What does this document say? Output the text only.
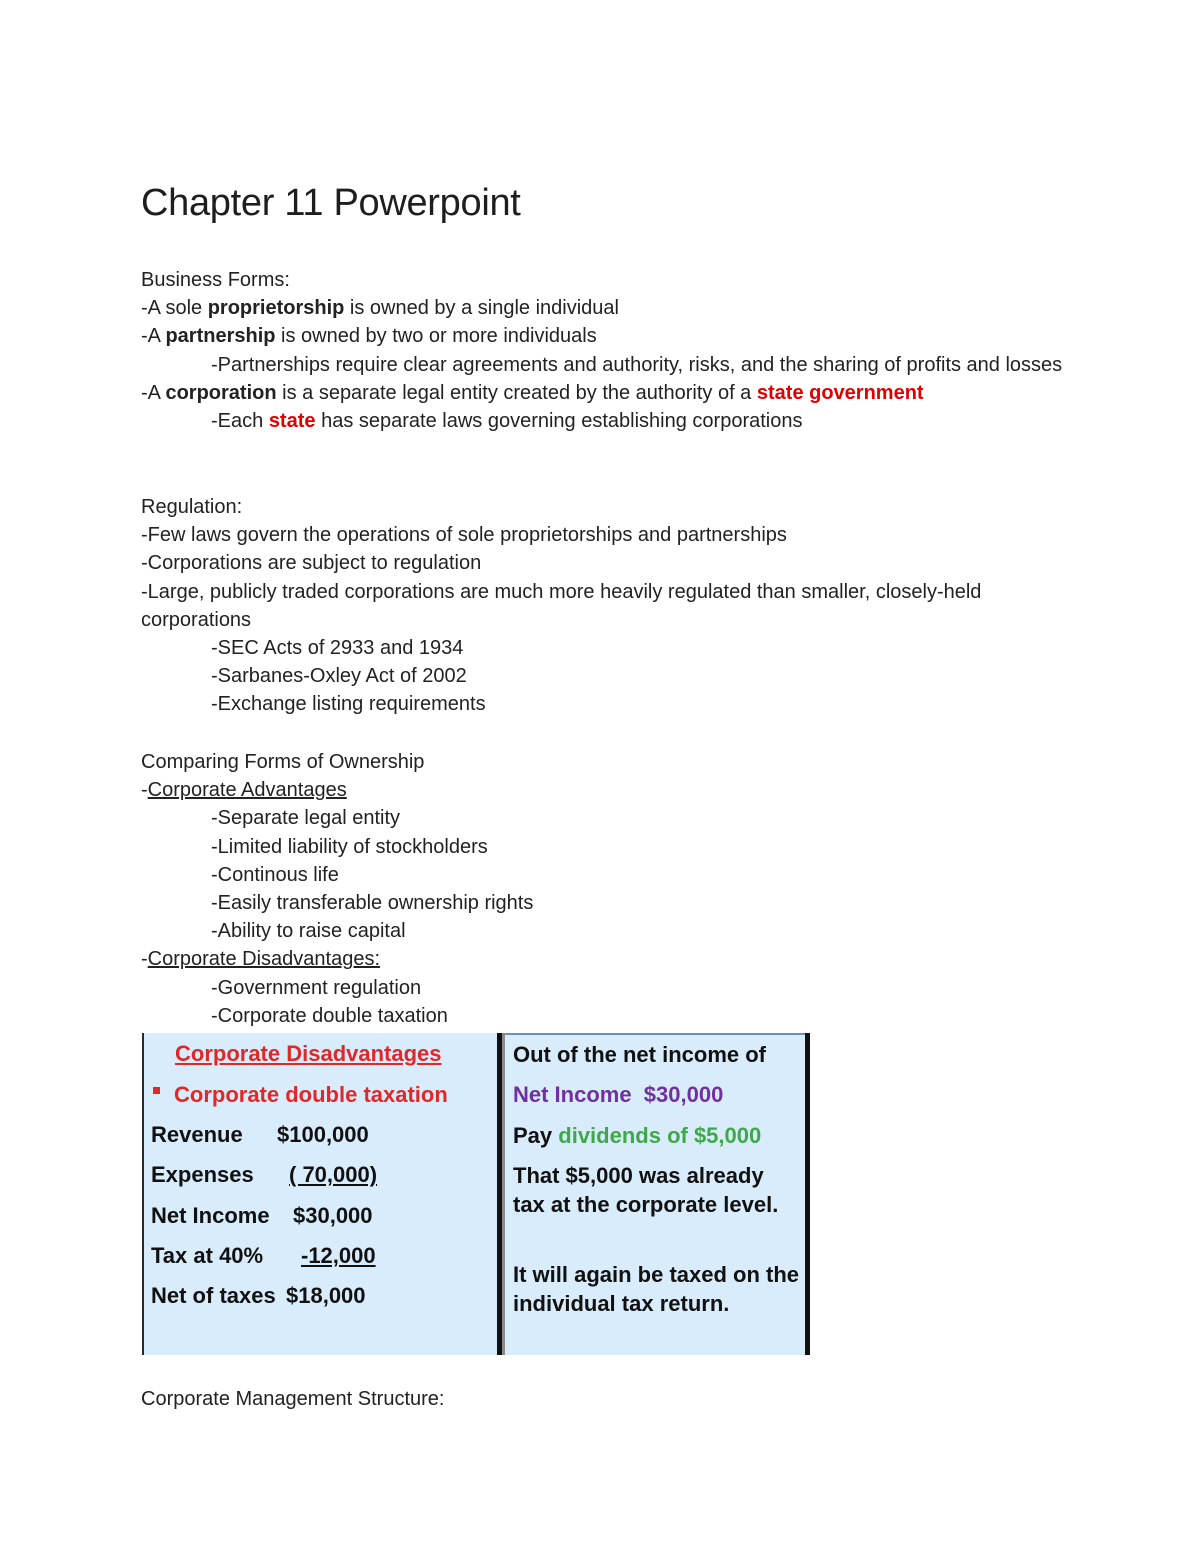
Chapter 11 Powerpoint
Business Forms:
-A sole proprietorship is owned by a single individual
-A partnership is owned by two or more individuals
-Partnerships require clear agreements and authority, risks, and the sharing of profits and losses
-A corporation is a separate legal entity created by the authority of a state government
-Each state has separate laws governing establishing corporations
Regulation:
-Few laws govern the operations of sole proprietorships and partnerships
-Corporations are subject to regulation
-Large, publicly traded corporations are much more heavily regulated than smaller, closely-held corporations
-SEC Acts of 2933 and 1934
-Sarbanes-Oxley Act of 2002
-Exchange listing requirements
Comparing Forms of Ownership
-Corporate Advantages
-Separate legal entity
-Limited liability of stockholders
-Continous life
-Easily transferable ownership rights
-Ability to raise capital
-Corporate Disadvantages:
-Government regulation
-Corporate double taxation
Corporate Management Structure:
Corporate Disadvantages
Corporate double taxation
Revenue $100,000
Expenses ( 70,000)
Net Income $30,000
Tax at 40% -12,000
Net of taxes $18,000
Out of the net income of
Net Income  $30,000
Pay dividends of $5,000
That $5,000 was already tax at the corporate level.
It will again be taxed on the individual tax return.
